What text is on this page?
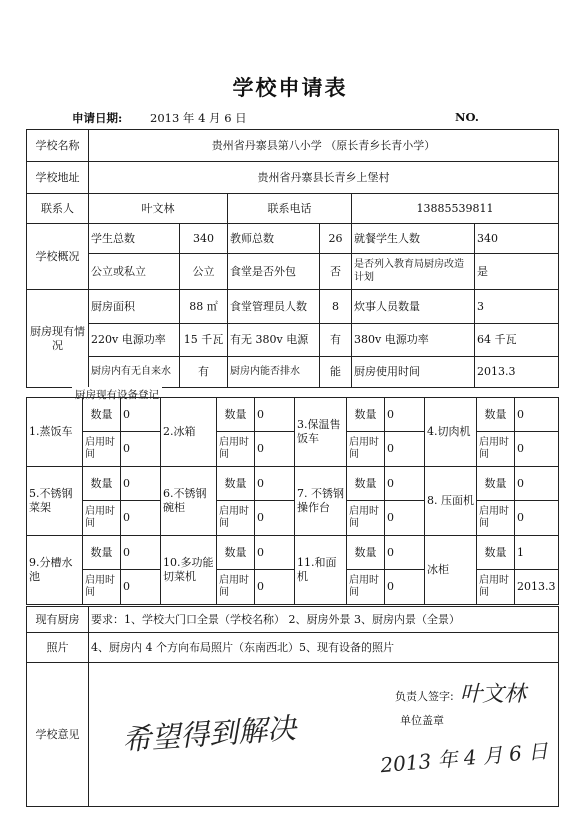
学校申请表
申请日期: 2013 年 4 月 6 日	NO.
学校名称	贵州省丹寨县第八小学 （原长青乡长青小学）					
学校地址	贵州省丹寨县长青乡上堡村					
联系人	叶文林		联系电话		13885539811	
学校概况	学生总数	340	教师总数	26	就餐学生人数	340
	公立或私立	公立	食堂是否外包	否	是否列入教育局厨房改造计划	是
厨房现有情况	厨房面积	88 ㎡	食堂管理员人数	8	炊事人员数量	3
	220v 电源功率	15 千瓦	有无 380v 电源	有	380v 电源功率	64 千瓦
	厨房内有无自来水	有	厨房内能否排水	能	厨房使用时间	2013.3
厨房现有设备登记
1.蒸饭车	数量	0	2.冰箱	数量	0	3.保温售饭车	数量	0	4.切肉机	数量	0
	启用时间	0		启用时间	0		启用时间	0		启用时间	0
5.不锈钢菜架	数量	0	6.不锈钢碗柜	数量	0	7. 不锈钢操作台	数量	0	8. 压面机	数量	0
	启用时间	0		启用时间	0		启用时间	0		启用时间	0
9.分槽水池	数量	0	10.多功能切菜机	数量	0	11.和面机	数量	0	冰柜	数量	1
	启用时间	0		启用时间	0		启用时间	0		启用时间	2013.3
现有厨房	要求：1、学校大门口全景（学校名称） 2、厨房外景 3、厨房内景（全景）
照片	4、厨房内 4 个方向布局照片（东南西北）5、现有设备的照片
学校意见	希望得到解决
负责人签字: 叶文林
单位盖章
2013 年 4 月 6 日
